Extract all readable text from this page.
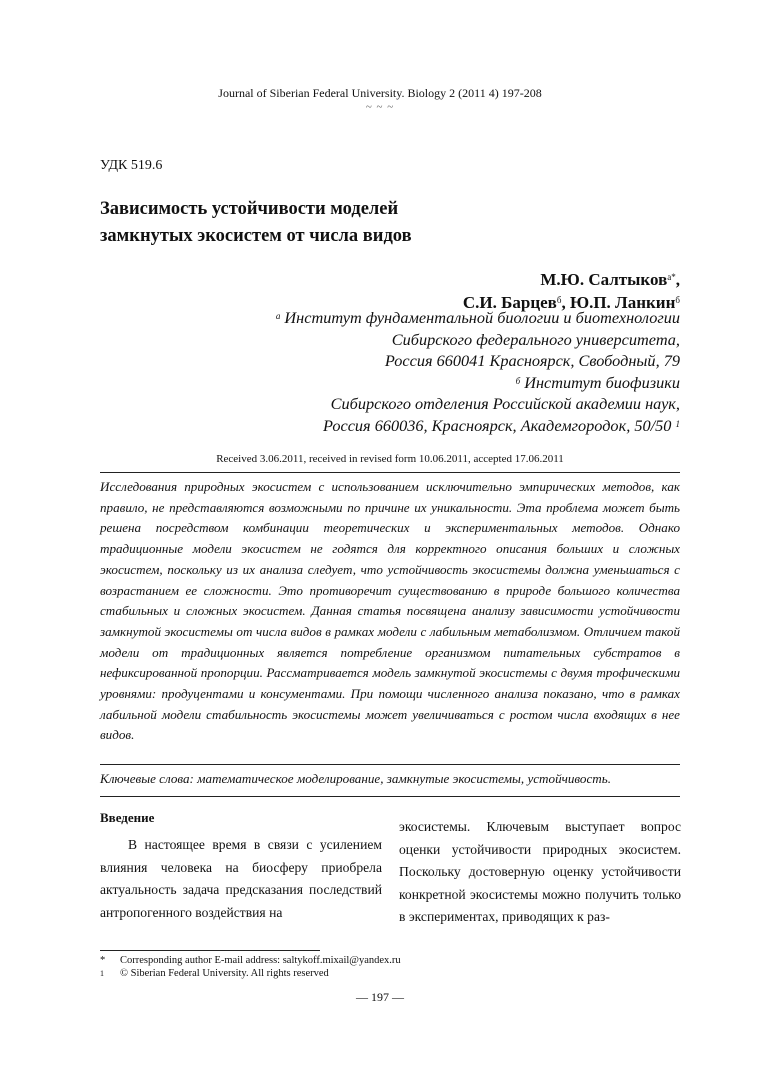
Journal of Siberian Federal University. Biology 2 (2011 4) 197-208
~ ~ ~
УДК 519.6
Зависимость устойчивости моделей
замкнутых экосистем от числа видов
М.Ю. Салтыков$^{а*}$,
С.И. Барцев$^б$, Ю.П. Ланкин$^б$
$^а$ Институт фундаментальной биологии и биотехнологии
Сибирского федерального университета,
Россия 660041 Красноярск, Свободный, 79
$^б$ Институт биофизики
Сибирского отделения Российской академии наук,
Россия 660036, Красноярск, Академгородок, 50/50 $^1$
Received 3.06.2011, received in revised form 10.06.2011, accepted 17.06.2011
Исследования природных экосистем с использованием исключительно эмпирических методов, как правило, не представляются возможными по причине их уникальности. Эта проблема может быть решена посредством комбинации теоретических и экспериментальных методов. Однако традиционные модели экосистем не годятся для корректного описания больших и сложных экосистем, поскольку из их анализа следует, что устойчивость экосистемы должна уменьшаться с возрастанием ее сложности. Это противоречит существованию в природе большого количества стабильных и сложных экосистем. Данная статья посвящена анализу зависимости устойчивости замкнутой экосистемы от числа видов в рамках модели с лабильным метаболизмом. Отличием такой модели от традиционных является потребление организмом питательных субстратов в нефиксированной пропорции. Рассматривается модель замкнутой экосистемы с двумя трофическими уровнями: продуцентами и консументами. При помощи численного анализа показано, что в рамках лабильной модели стабильность экосистемы может увеличиваться с ростом числа входящих в нее видов.
Ключевые слова: математическое моделирование, замкнутые экосистемы, устойчивость.
Введение

В настоящее время в связи с усилением влияния человека на биосферу приобрела актуальность задача предсказания последствий антропогенного воздействия на

экосистемы. Ключевым выступает вопрос оценки устойчивости природных экосистем. Поскольку достоверную оценку устойчивости конкретной экосистемы можно получить только в экспериментах, приводящих к раз-

* Corresponding author E-mail address: saltykoff.mixail@yandex.ru
1 © Siberian Federal University. All rights reserved
— 197 —
